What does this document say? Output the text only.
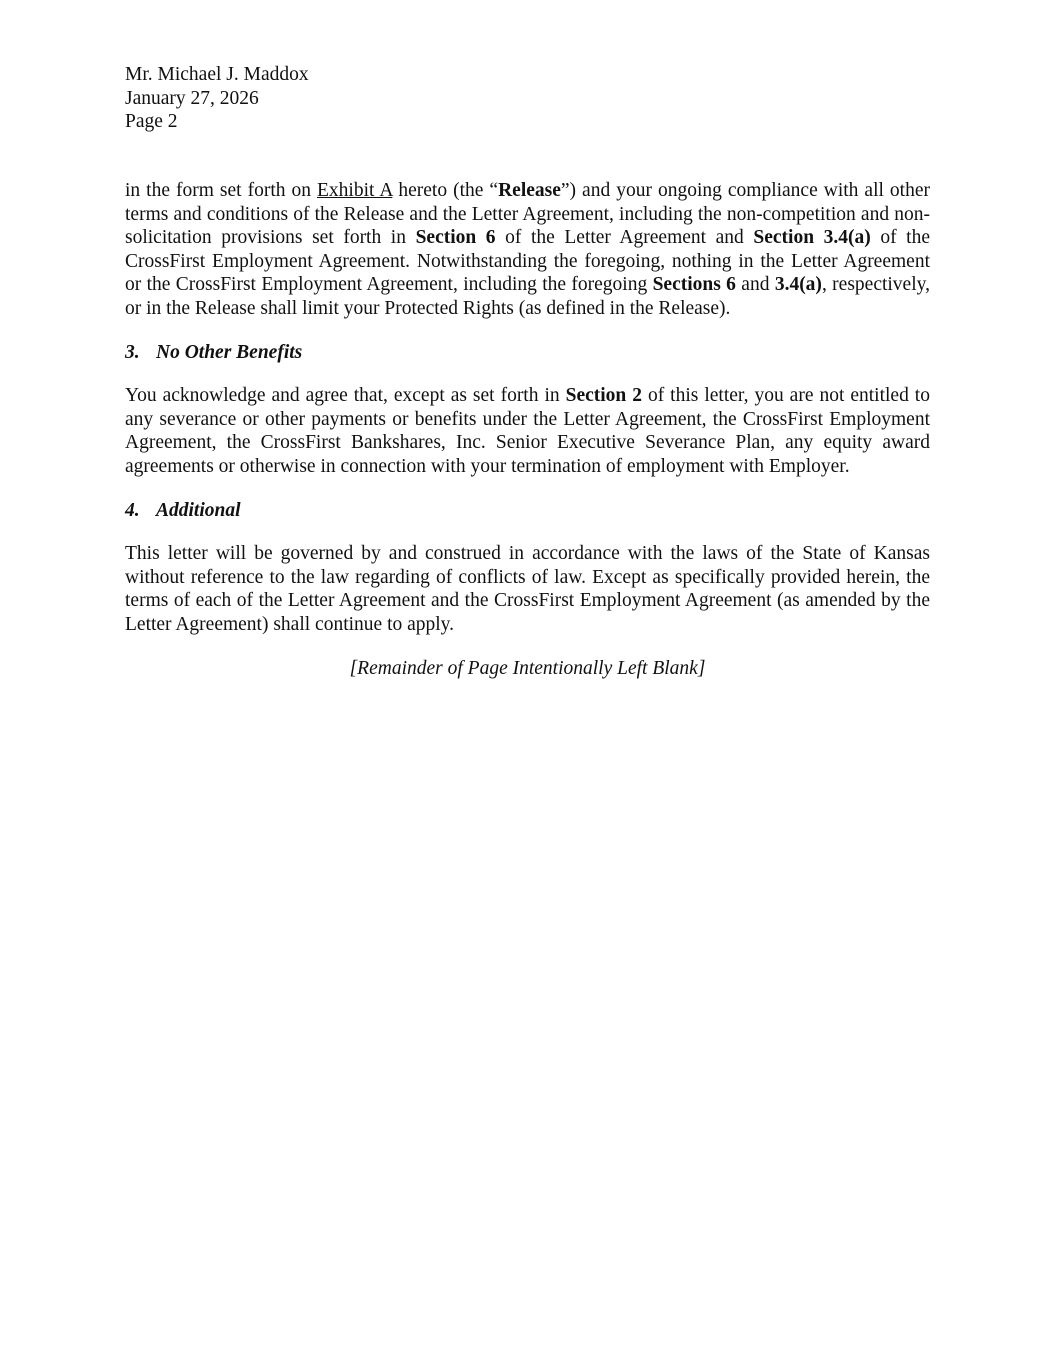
Mr. Michael J. Maddox
January 27, 2026
Page 2

in the form set forth on Exhibit A hereto (the “Release”) and your ongoing compliance with all other terms and conditions of the Release and the Letter Agreement, including the non-competition and non-solicitation provisions set forth in Section 6 of the Letter Agreement and Section 3.4(a) of the CrossFirst Employment Agreement. Notwithstanding the foregoing, nothing in the Letter Agreement or the CrossFirst Employment Agreement, including the foregoing Sections 6 and 3.4(a), respectively, or in the Release shall limit your Protected Rights (as defined in the Release).

3. No Other Benefits

You acknowledge and agree that, except as set forth in Section 2 of this letter, you are not entitled to any severance or other payments or benefits under the Letter Agreement, the CrossFirst Employment Agreement, the CrossFirst Bankshares, Inc. Senior Executive Severance Plan, any equity award agreements or otherwise in connection with your termination of employment with Employer.

4. Additional

This letter will be governed by and construed in accordance with the laws of the State of Kansas without reference to the law regarding of conflicts of law. Except as specifically provided herein, the terms of each of the Letter Agreement and the CrossFirst Employment Agreement (as amended by the Letter Agreement) shall continue to apply.

[Remainder of Page Intentionally Left Blank]
